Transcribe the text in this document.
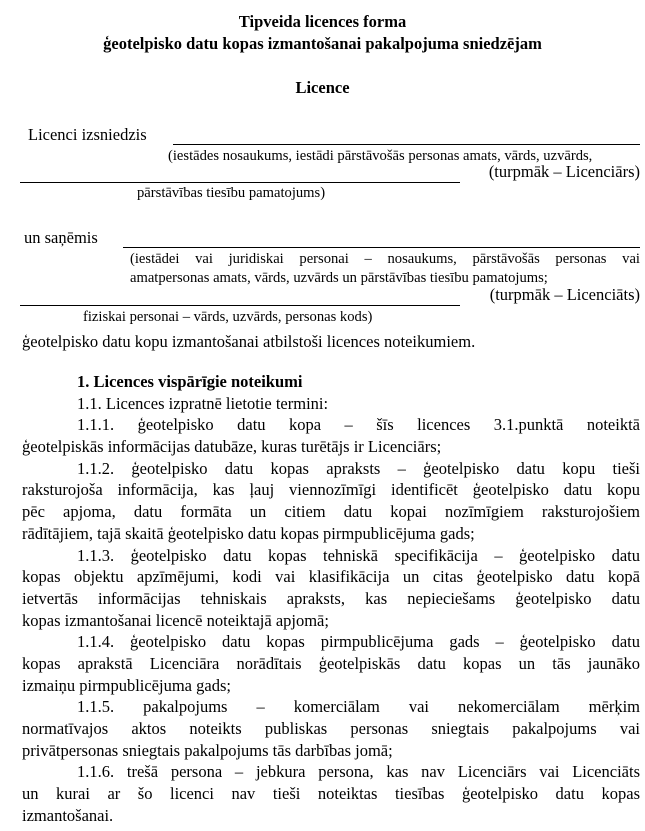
Tipveida licences forma
ģeotelpisko datu kopas izmantošanai pakalpojuma sniedzējam
Licence
Licenci izsniedzis
(iestādes nosaukums, iestādi pārstāvošās personas amats, vārds, uzvārds,
(turpmāk – Licenciārs)
pārstāvības tiesību pamatojums)
un saņēmis
(iestādei vai juridiskai personai – nosaukums, pārstāvošās personas vai
amatpersonas amats, vārds, uzvārds un pārstāvības tiesību pamatojums;
(turpmāk – Licenciāts)
fiziskai personai – vārds, uzvārds, personas kods)
ģeotelpisko datu kopu izmantošanai atbilstoši licences noteikumiem.
1. Licences vispārīgie noteikumi
1.1. Licences izpratnē lietotie termini:
1.1.1. ģeotelpisko datu kopa – šīs licences 3.1.punktā noteiktā
ģeotelpiskās informācijas datubāze, kuras turētājs ir Licenciārs;
1.1.2. ģeotelpisko datu kopas apraksts – ģeotelpisko datu kopu tieši
raksturojoša informācija, kas ļauj viennozīmīgi identificēt ģeotelpisko datu kopu
pēc apjoma, datu formāta un citiem datu kopai nozīmīgiem raksturojošiem
rādītājiem, tajā skaitā ģeotelpisko datu kopas pirmpublicējuma gads;
1.1.3. ģeotelpisko datu kopas tehniskā specifikācija – ģeotelpisko datu
kopas objektu apzīmējumi, kodi vai klasifikācija un citas ģeotelpisko datu kopā
ietvertās informācijas tehniskais apraksts, kas nepieciešams ģeotelpisko datu
kopas izmantošanai licencē noteiktajā apjomā;
1.1.4. ģeotelpisko datu kopas pirmpublicējuma gads – ģeotelpisko datu
kopas aprakstā Licenciāra norādītais ģeotelpiskās datu kopas un tās jaunāko
izmaiņu pirmpublicējuma gads;
1.1.5. pakalpojums – komerciālam vai nekomerciālam mērķim
normatīvajos aktos noteikts publiskas personas sniegtais pakalpojums vai
privātpersonas sniegtais pakalpojums tās darbības jomā;
1.1.6. trešā persona – jebkura persona, kas nav Licenciārs vai Licenciāts
un kurai ar šo licenci nav tieši noteiktas tiesības ģeotelpisko datu kopas
izmantošanai.
